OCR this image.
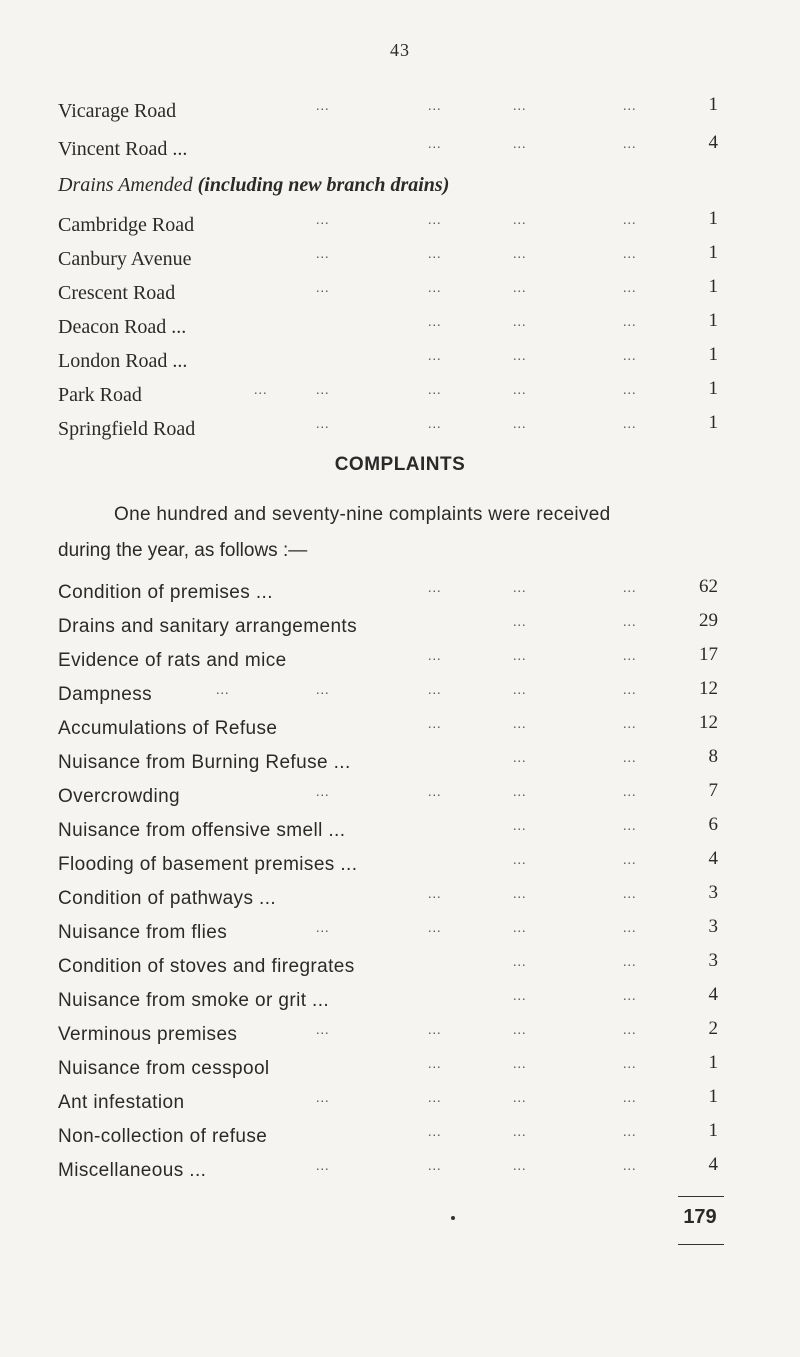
43
Vicarage Road	...	...	...	...	1
Vincent Road ...	...	...	...	4
Drains Amended (including new branch drains)
Cambridge Road	...	...	...	...	1
Canbury Avenue	...	...	...	...	1
Crescent Road	...	...	...	...	1
Deacon Road ...	...	...	...	1
London Road ...	...	...	...	1
Park Road	...	...	...	...	...	1
Springfield Road	...	...	...	...	1
COMPLAINTS
One hundred and seventy-nine complaints were received
during the year, as follows :—
Condition of premises ...	...	...	...	62
Drains and sanitary arrangements	...	...	29
Evidence of rats and mice	...	...	...	17
Dampness	...	...	...	...	...	12
Accumulations of Refuse	...	...	...	12
Nuisance from Burning Refuse ...	...	...	8
Overcrowding	...	...	...	...	7
Nuisance from offensive smell ...	...	...	6
Flooding of basement premises ...	...	...	4
Condition of pathways ...	...	...	...	3
Nuisance from flies	...	...	...	...	3
Condition of stoves and firegrates	...	...	3
Nuisance from smoke or grit ...	...	...	4
Verminous premises	...	...	...	...	2
Nuisance from cesspool	...	...	...	1
Ant infestation	...	...	...	...	1
Non-collection of refuse	...	...	...	1
Miscellaneous ...	...	...	...	...	4
179
